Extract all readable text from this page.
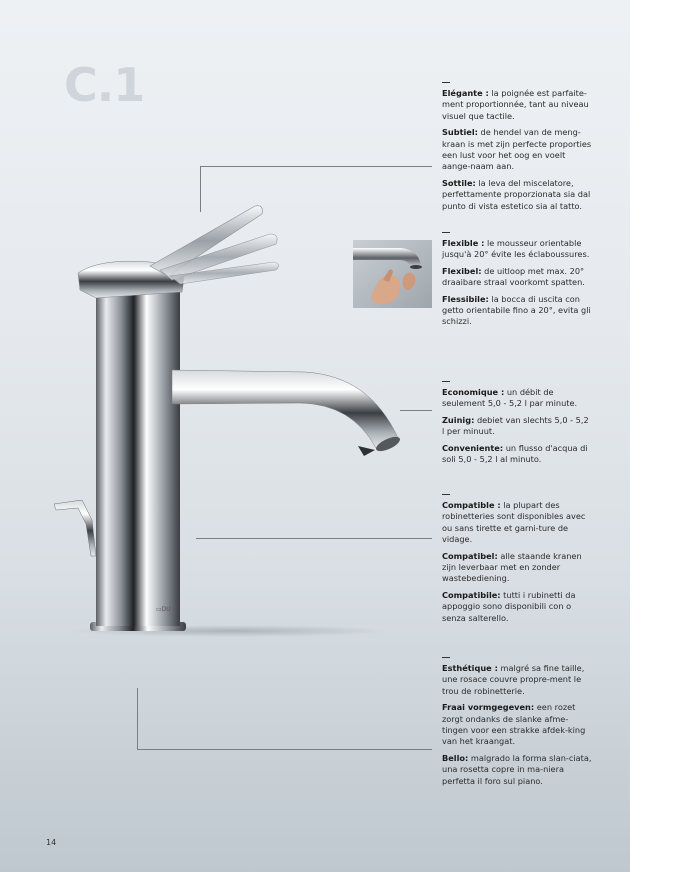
C.1
▭DU

Elégante : la poignée est parfaite-ment proportionnée, tant au niveau visuel que tactile.

Subtiel: de hendel van de meng-kraan is met zijn perfecte proporties een lust voor het oog en voelt aange-naam aan.

Sottile: la leva del miscelatore, perfettamente proporzionata sia dal punto di vista estetico sia al tatto.

Flexible : le mousseur orientable jusqu'à 20° évite les éclaboussures.

Flexibel: de uitloop met max. 20° draaibare straal voorkomt spatten.

Flessibile: la bocca di uscita con getto orientabile fino a 20°, evita gli schizzi.

Economique : un débit de seulement 5,0 - 5,2 l par minute.

Zuinig: debiet van slechts 5,0 - 5,2 l per minuut.

Conveniente: un flusso d'acqua di soli 5,0 - 5,2 l al minuto.

Compatible : la plupart des robinetteries sont disponibles avec ou sans tirette et garni-ture de vidage.

Compatibel: alle staande kranen zijn leverbaar met en zonder wastebediening.

Compatibile: tutti i rubinetti da appoggio sono disponibili con o senza salterello.

Esthétique : malgré sa fine taille, une rosace couvre propre-ment le trou de robinetterie.

Fraai vormgegeven: een rozet zorgt ondanks de slanke afme-tingen voor een strakke afdek-king van het kraangat.

Bello: malgrado la forma slan-ciata, una rosetta copre in ma-niera perfetta il foro sul piano.

14
